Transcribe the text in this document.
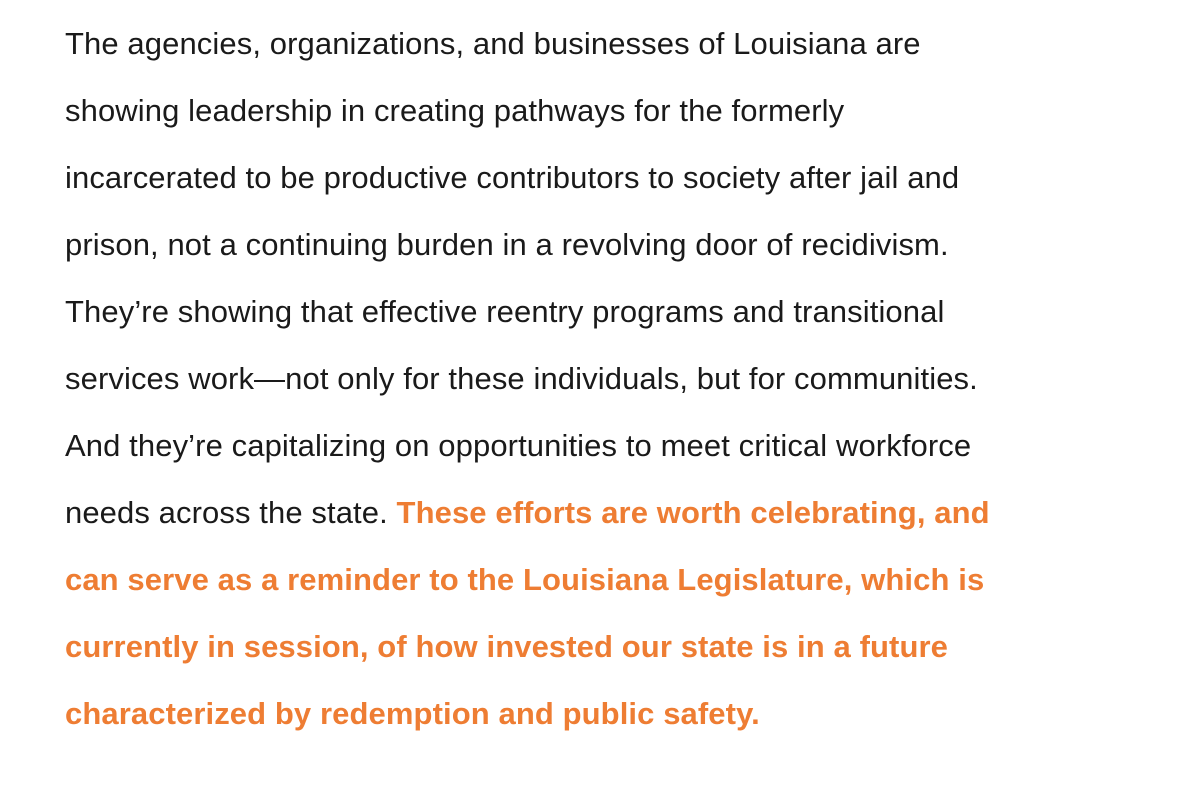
The agencies, organizations, and businesses of Louisiana are
showing leadership in creating pathways for the formerly
incarcerated to be productive contributors to society after jail and
prison, not a continuing burden in a revolving door of recidivism.
They’re showing that effective reentry programs and transitional
services work—not only for these individuals, but for communities.
And they’re capitalizing on opportunities to meet critical workforce
needs across the state. These efforts are worth celebrating, and
can serve as a reminder to the Louisiana Legislature, which is
currently in session, of how invested our state is in a future
characterized by redemption and public safety.
